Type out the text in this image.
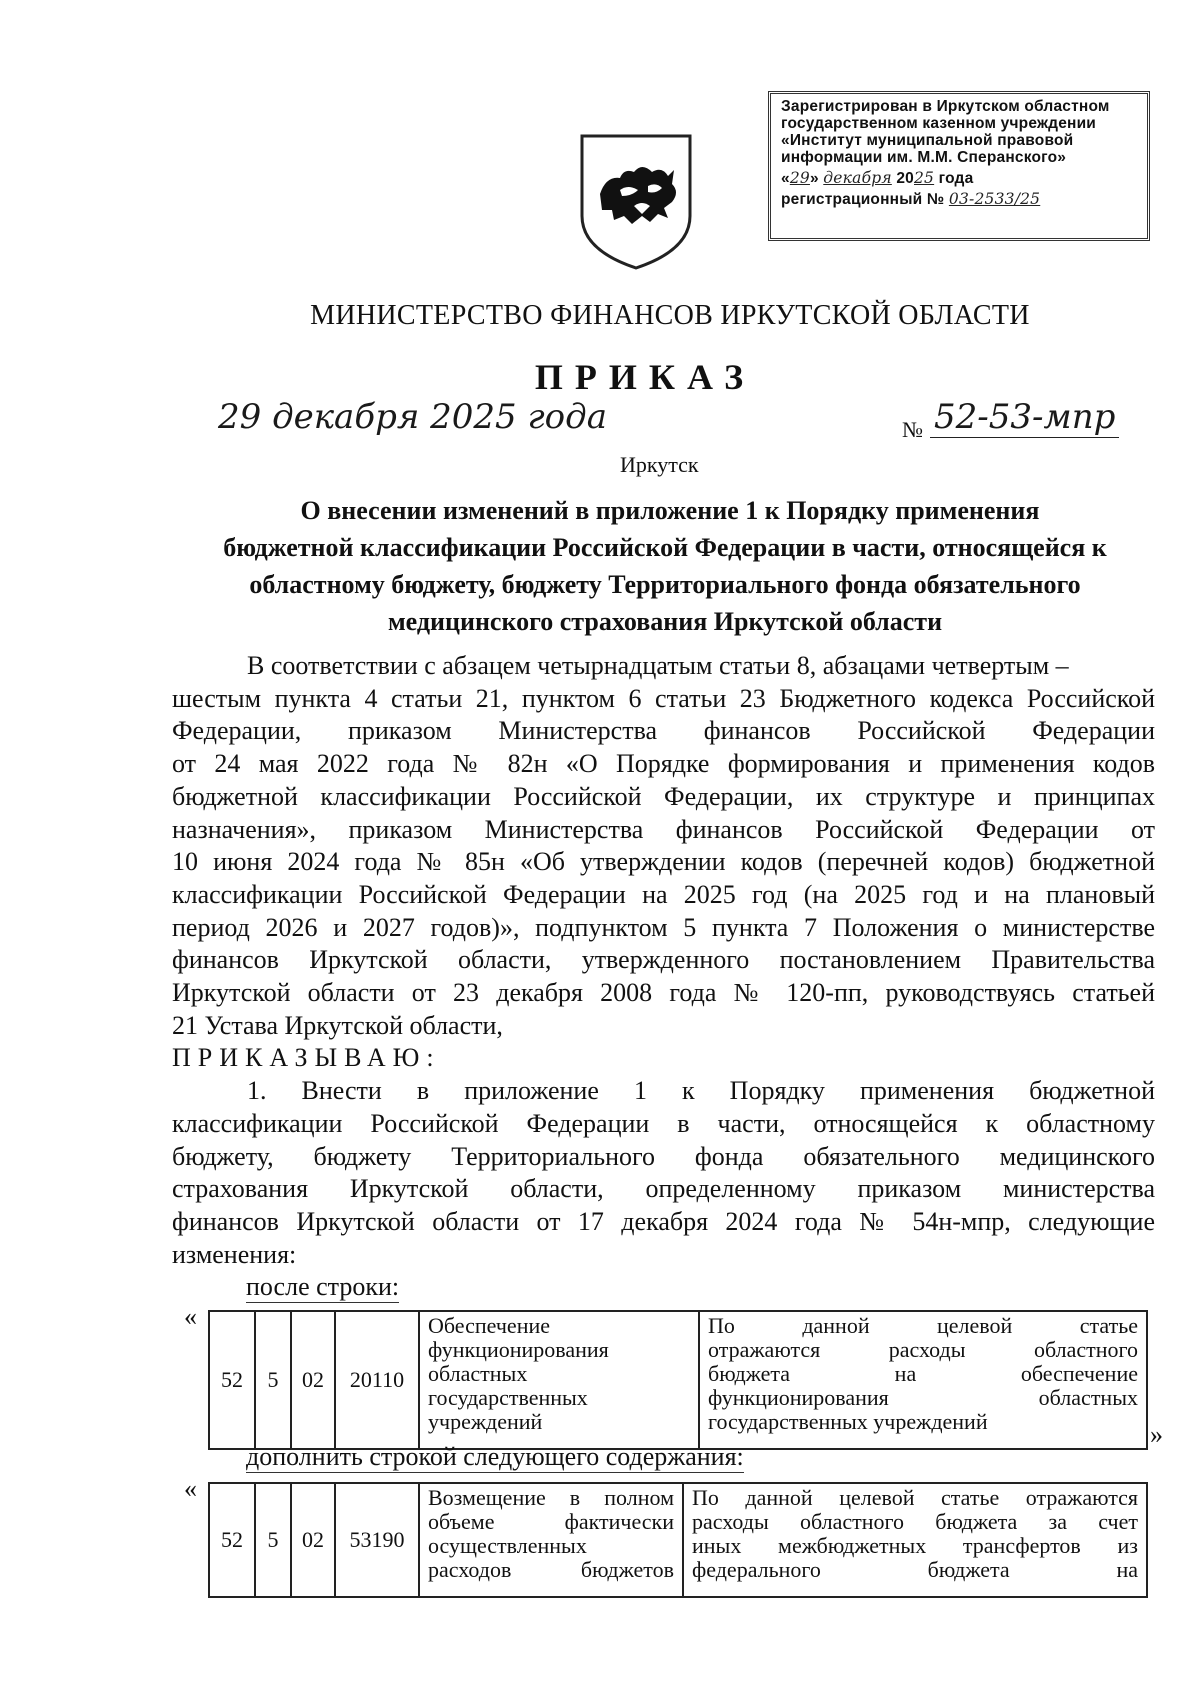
Зарегистрирован в Иркутском областном
государственном казенном учреждении
«Институт муниципальной правовой
информации им. М.М. Сперанского»
«29» декабря 2025 года
регистрационный № 03-2533/25
МИНИСТЕРСТВО ФИНАНСОВ ИРКУТСКОЙ ОБЛАСТИ
ПРИКАЗ
29 декабря 2025 года	№ 52-53-мпр
Иркутск
О внесении изменений в приложение 1 к Порядку применения
бюджетной классификации Российской Федерации в части, относящейся к
областному бюджету, бюджету Территориального фонда обязательного
медицинского страхования Иркутской области
В соответствии с абзацем четырнадцатым статьи 8, абзацами четвертым –
шестым пункта 4 статьи 21, пунктом 6 статьи 23 Бюджетного кодекса Российской
Федерации, приказом Министерства финансов Российской Федерации
от 24 мая 2022 года № 82н «О Порядке формирования и применения кодов
бюджетной классификации Российской Федерации, их структуре и принципах
назначения», приказом Министерства финансов Российской Федерации от
10 июня 2024 года № 85н «Об утверждении кодов (перечней кодов) бюджетной
классификации Российской Федерации на 2025 год (на 2025 год и на плановый
период 2026 и 2027 годов)», подпунктом 5 пункта 7 Положения о министерстве
финансов Иркутской области, утвержденного постановлением Правительства
Иркутской области от 23 декабря 2008 года № 120-пп, руководствуясь статьей
21 Устава Иркутской области,
ПРИКАЗЫВАЮ:
1. Внести в приложение 1 к Порядку применения бюджетной
классификации Российской Федерации в части, относящейся к областному
бюджету, бюджету Территориального фонда обязательного медицинского
страхования Иркутской области, определенному приказом министерства
финансов Иркутской области от 17 декабря 2024 года № 54н-мпр, следующие
изменения:
после строки:
«
52	5	02	20110	
Обеспечение
функционирования
областных
государственных
учреждений

По данной целевой статье
отражаются расходы областного
бюджета на обеспечение
функционирования областных
государственных учреждений	»
дополнить строкой следующего содержания:
«
52	5	02	53190	
Возмещение в полном
объеме фактически
осуществленных
расходов бюджетов

По данной целевой статье отражаются
расходы областного бюджета за счет
иных межбюджетных трансфертов из
федерального бюджета на
